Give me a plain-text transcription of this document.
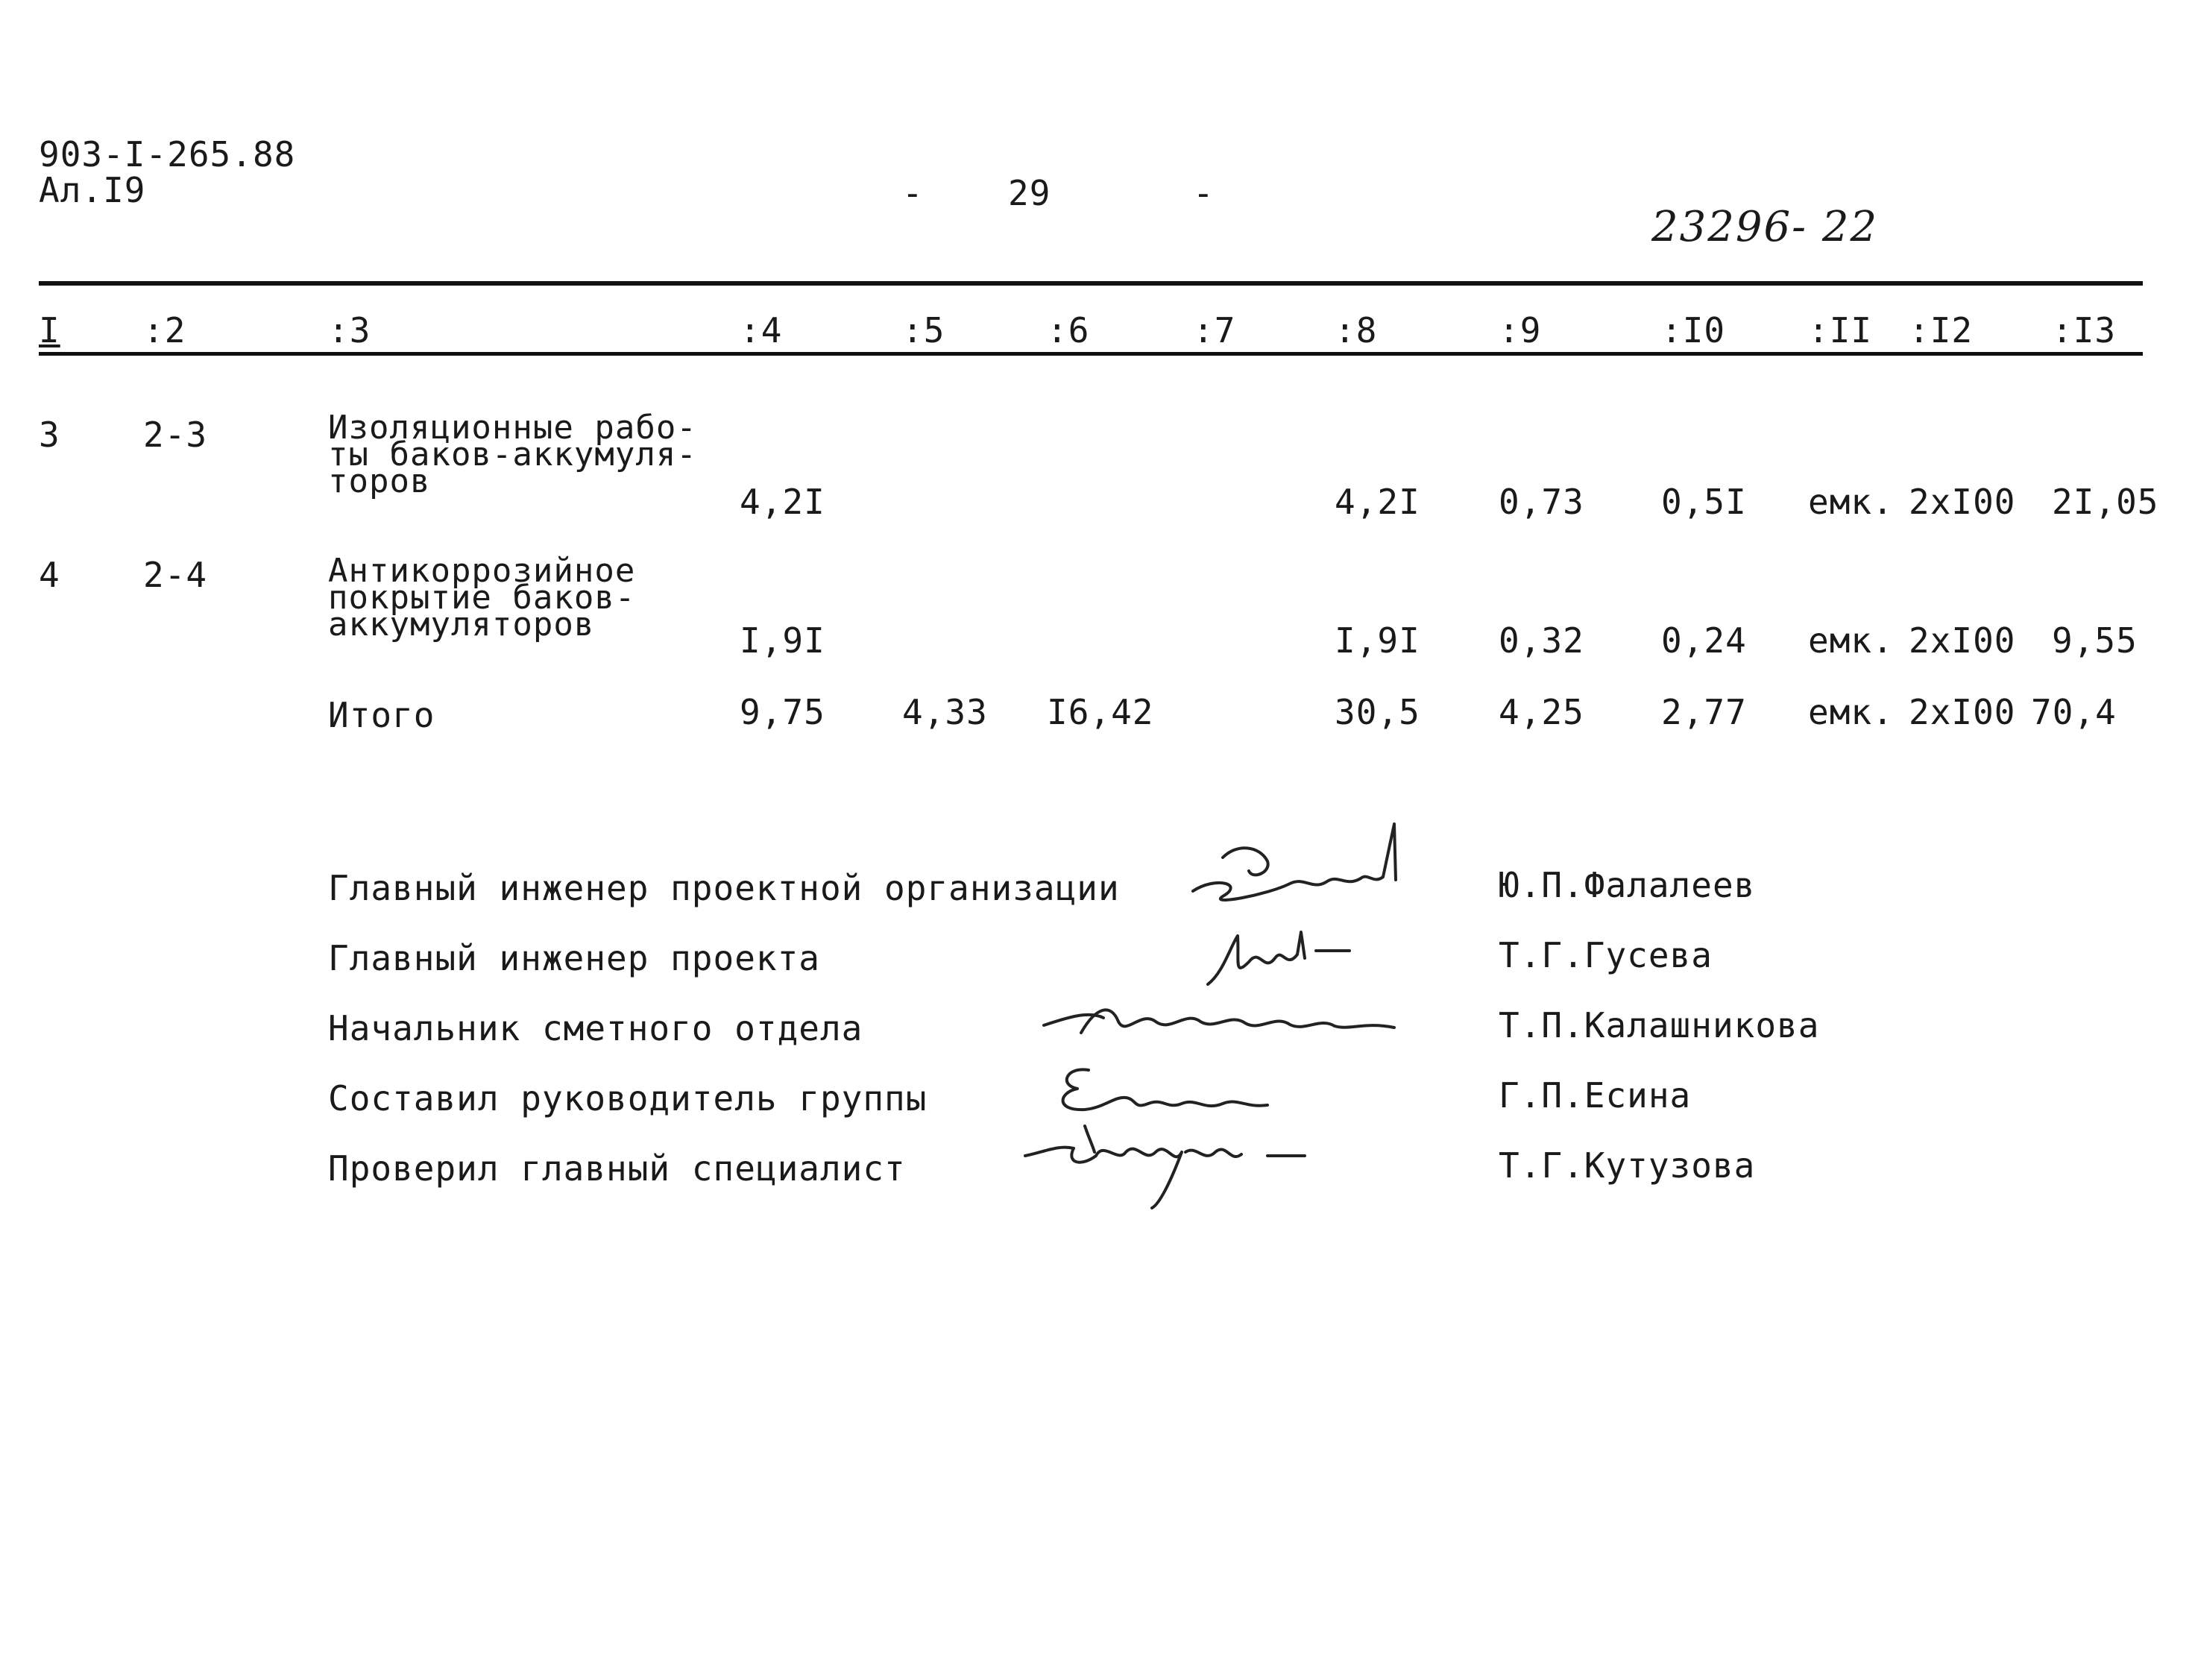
903-I-265.88
Ал.I9	- 29	-
23296- 22
I :2	:3	:4	:5	:6	:7	:8	:9	:I0 :II :I2 :I3
3 2-3	Изоляционные рабо-
ты баков-аккумуля-
торов
4,2I	4,2I 0,73 0,5I емк. 2xI00 2I,05
4 2-4	Антикоррозийное
покрытие баков-
аккумуляторов	I,9I	I,9I 0,32 0,24 емк. 2xI00 9,55
Итого	9,75 4,33 I6,42	30,5 4,25 2,77 емк. 2xI00 70,4
Главный инженер проектной организации	Ю.П.Фалалеев
Главный инженер проекта	Т.Г.Гусева
Начальник сметного отдела	Т.П.Калашникова
Составил руководитель группы	Г.П.Есина
Проверил главный специалист	Т.Г.Кутузова
